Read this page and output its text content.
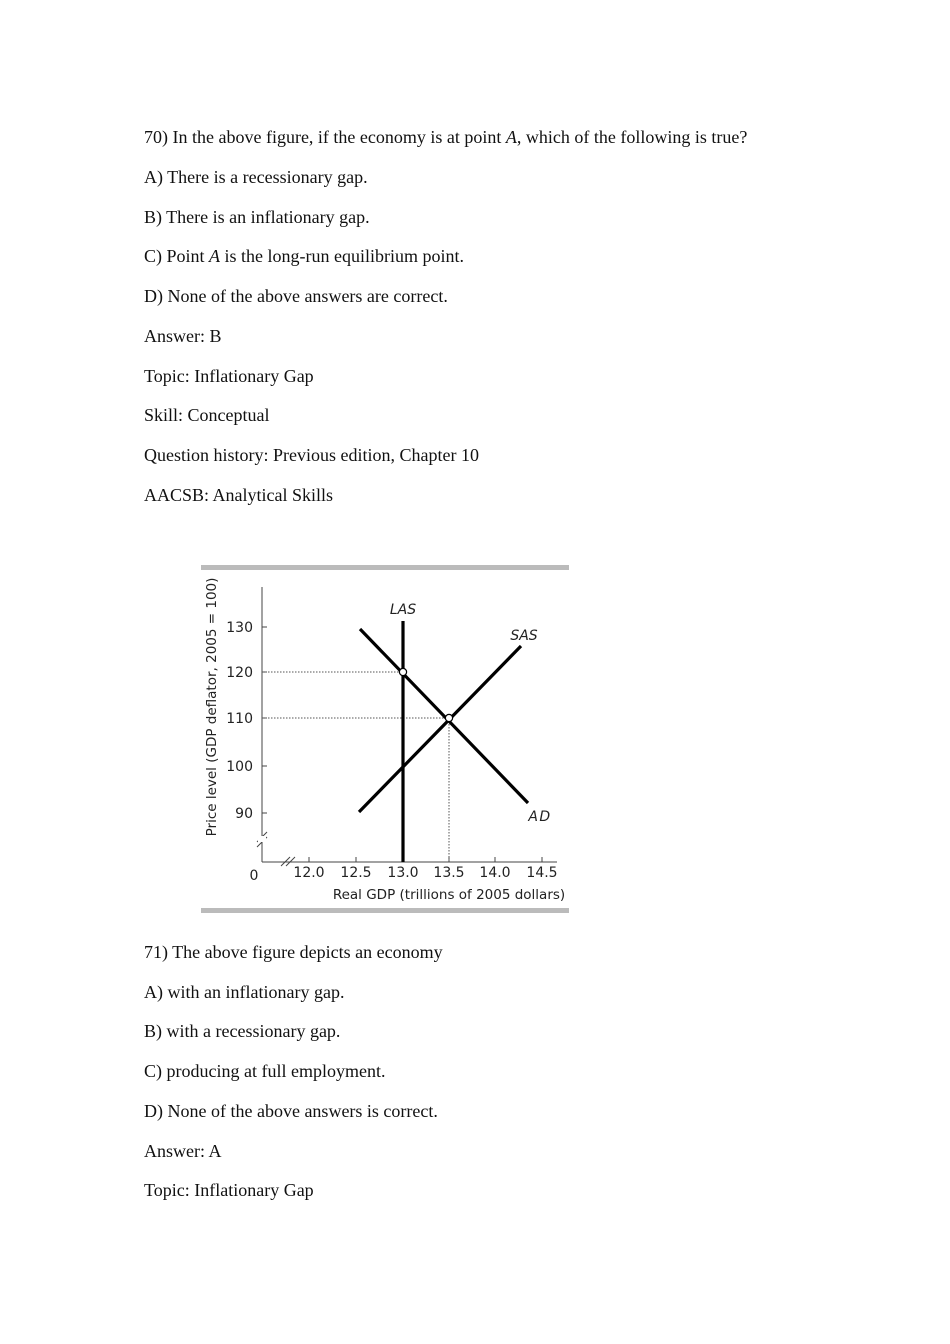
70) In the above figure, if the economy is at point A, which of the following is true?
A) There is a recessionary gap.
B) There is an inflationary gap.
C) Point A is the long-run equilibrium point.
D) None of the above answers are correct.
Answer: B
Topic: Inflationary Gap
Skill: Conceptual
Question history: Previous edition, Chapter 10
AACSB: Analytical Skills
130
120
110
100
90
12.0 12.5 13.0 13.5 14.0 14.5
0
Real GDP (trillions of 2005 dollars)
Price level (GDP deflator, 2005 = 100)	LAS
SAS
AD
71) The above figure depicts an economy
A) with an inflationary gap.
B) with a recessionary gap.
C) producing at full employment.
D) None of the above answers is correct.
Answer: A
Topic: Inflationary Gap
